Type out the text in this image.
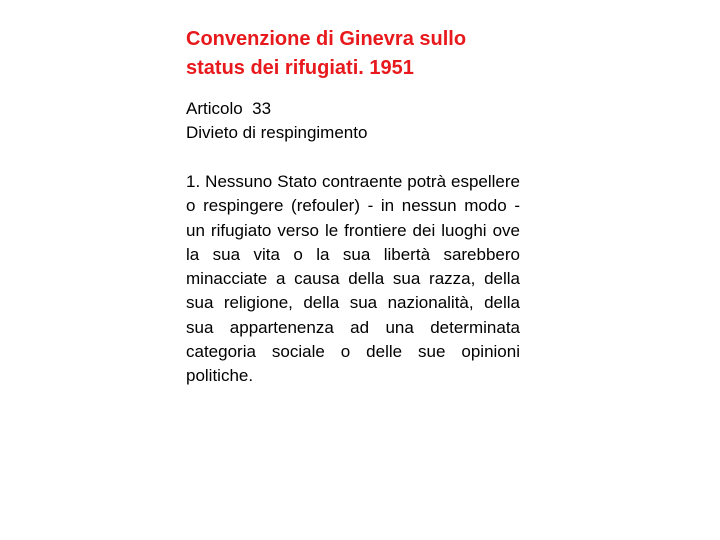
Convenzione di Ginevra sullo status dei rifugiati. 1951
Articolo  33
Divieto di respingimento

1. Nessuno Stato contraente potrà espellere o respingere (refouler) - in nessun modo - un rifugiato verso le frontiere dei luoghi ove la sua vita o la sua libertà sarebbero minacciate a causa della sua razza, della sua religione, della sua nazionalità, della sua appartenenza ad una determinata categoria sociale o delle sue opinioni politiche.
